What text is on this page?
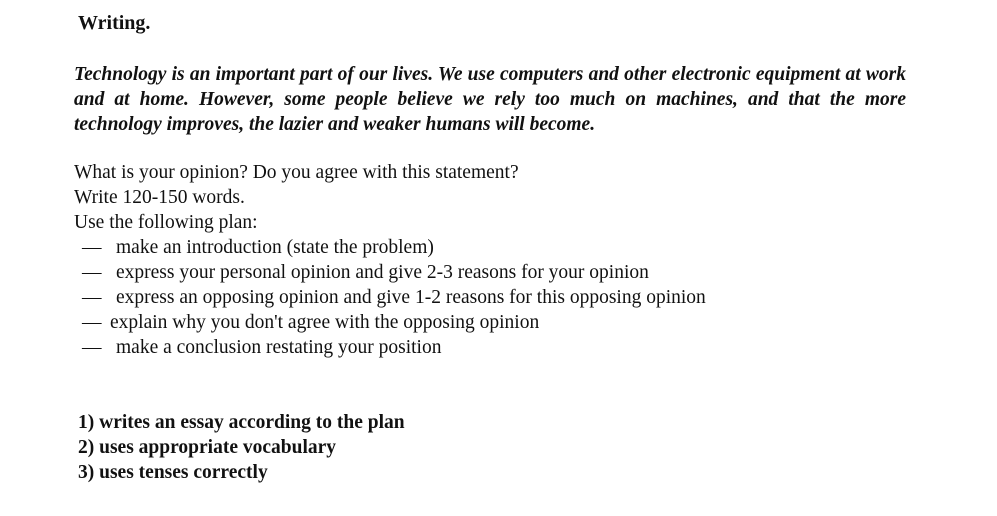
Writing.

Technology is an important part of our lives. We use computers and other electronic equipment at work and at home. However, some people believe we rely too much on machines, and that the more technology improves, the lazier and weaker humans will become.

What is your opinion? Do you agree with this statement?

Write 120-150 words.

Use the following plan:

— make an introduction (state the problem)
— express your personal opinion and give 2-3 reasons for your opinion
— express an opposing opinion and give 1-2 reasons for this opposing opinion
— explain why you don't agree with the opposing opinion
— make a conclusion restating your position
1) writes an essay according to the plan
2) uses appropriate vocabulary
3) uses tenses correctly
